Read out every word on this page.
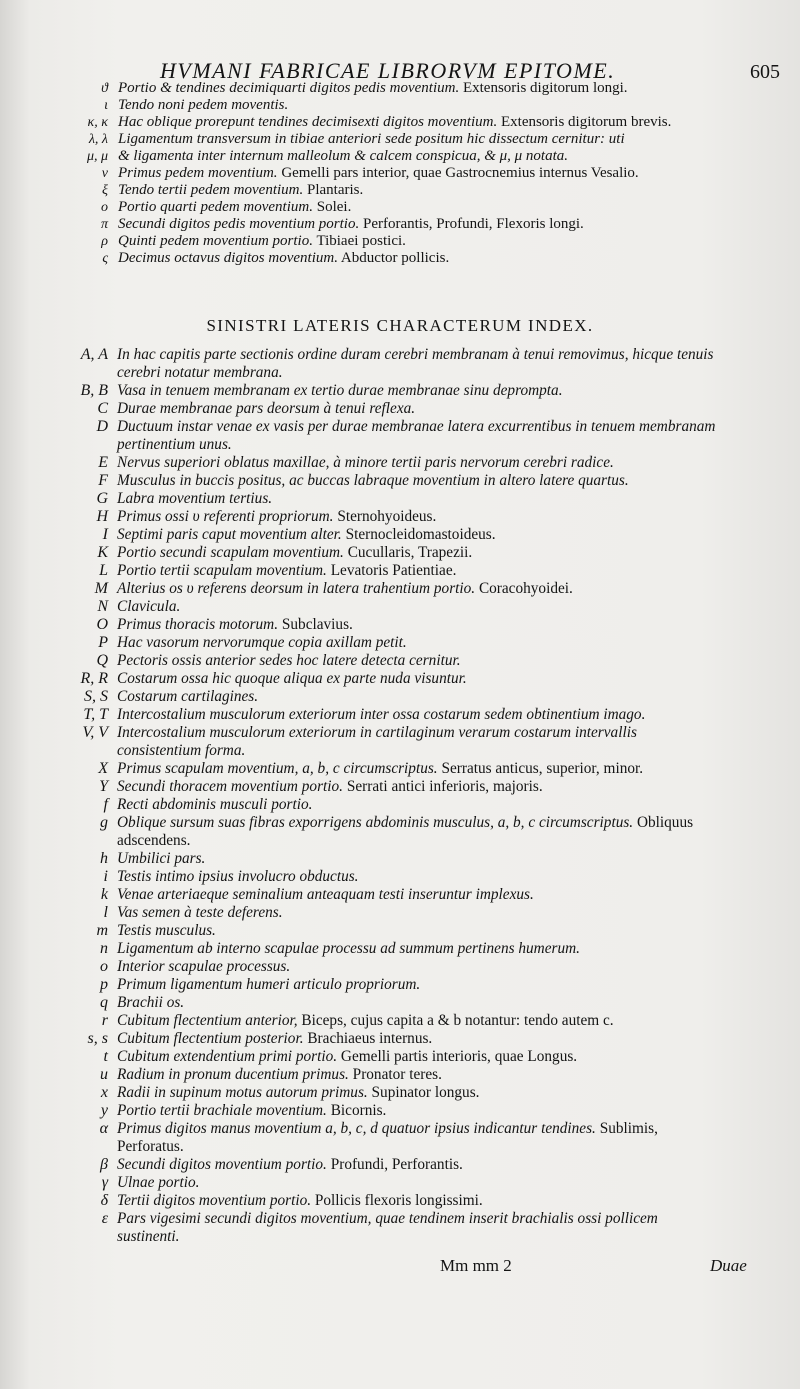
HVMANI FABRICAE LIBRORVM EPITOME.	605
ϑ Portio & tendines decimiquarti digitos pedis moventium. Extensoris digitorum longi.
ι Tendo noni pedem moventis.
κ, κ Hac oblique prorepunt tendines decimisexti digitos moventium. Extensoris digitorum brevis.
λ, λ Ligamentum transversum in tibiae anteriori sede positum hic dissectum cernitur: uti
μ, μ & ligamenta inter internum malleolum & calcem conspicua, & μ, μ notata.
ν Primus pedem moventium. Gemelli pars interior, quae Gastrocnemius internus Vesalio.
ξ Tendo tertii pedem moventium. Plantaris.
ο Portio quarti pedem moventium. Solei.
π Secundi digitos pedis moventium portio. Perforantis, Profundi, Flexoris longi.
ρ Quinti pedem moventium portio. Tibiaei postici.
ς Decimus octavus digitos moventium. Abductor pollicis.
SINISTRI LATERIS CHARACTERUM INDEX.
A, A In hac capitis parte sectionis ordine duram cerebri membranam à tenui removimus, hicque tenuis cerebri notatur membrana.
B, B Vasa in tenuem membranam ex tertio durae membranae sinu deprompta.
C Durae membranae pars deorsum à tenui reflexa.
D Ductuum instar venae ex vasis per durae membranae latera excurrentibus in tenuem membranam pertinentium unus.
E Nervus superiori oblatus maxillae, à minore tertii paris nervorum cerebri radice.
F Musculus in buccis positus, ac buccas labraque moventium in altero latere quartus.
G Labra moventium tertius.
H Primus ossi υ referenti propriorum. Sternohyoideus.
I Septimi paris caput moventium alter. Sternocleidomastoideus.
K Portio secundi scapulam moventium. Cucullaris, Trapezii.
L Portio tertii scapulam moventium. Levatoris Patientiae.
M Alterius os υ referens deorsum in latera trahentium portio. Coracohyoidei.
N Clavicula.
O Primus thoracis motorum. Subclavius.
P Hac vasorum nervorumque copia axillam petit.
Q Pectoris ossis anterior sedes hoc latere detecta cernitur.
R, R Costarum ossa hic quoque aliqua ex parte nuda visuntur.
S, S Costarum cartilagines.
T, T Intercostalium musculorum exteriorum inter ossa costarum sedem obtinentium imago.
V, V Intercostalium musculorum exteriorum in cartilaginum verarum costarum intervallis consistentium forma.
X Primus scapulam moventium, a, b, c circumscriptus. Serratus anticus, superior, minor.
Y Secundi thoracem moventium portio. Serrati antici inferioris, majoris.
f Recti abdominis musculi portio.
g Oblique sursum suas fibras exporrigens abdominis musculus, a, b, c circumscriptus. Obliquus adscendens.
h Umbilici pars.
i Testis intimo ipsius involucro obductus.
k Venae arteriaeque seminalium anteaquam testi inseruntur implexus.
l Vas semen à teste deferens.
m Testis musculus.
n Ligamentum ab interno scapulae processu ad summum pertinens humerum.
o Interior scapulae processus.
p Primum ligamentum humeri articulo propriorum.
q Brachii os.
r Cubitum flectentium anterior, Biceps, cujus capita a & b notantur: tendo autem c.
s, s Cubitum flectentium posterior. Brachiaeus internus.
t Cubitum extendentium primi portio. Gemelli partis interioris, quae Longus.
u Radium in pronum ducentium primus. Pronator teres.
x Radii in supinum motus autorum primus. Supinator longus.
y Portio tertii brachiale moventium. Bicornis.
α Primus digitos manus moventium a, b, c, d quatuor ipsius indicantur tendines. Sublimis, Perforatus.
β Secundi digitos moventium portio. Profundi, Perforantis.
γ Ulnae portio.
δ Tertii digitos moventium portio. Pollicis flexoris longissimi.
ε Pars vigesimi secundi digitos moventium, quae tendinem inserit brachialis ossi pollicem sustinenti.
Mm mm 2	Duae
